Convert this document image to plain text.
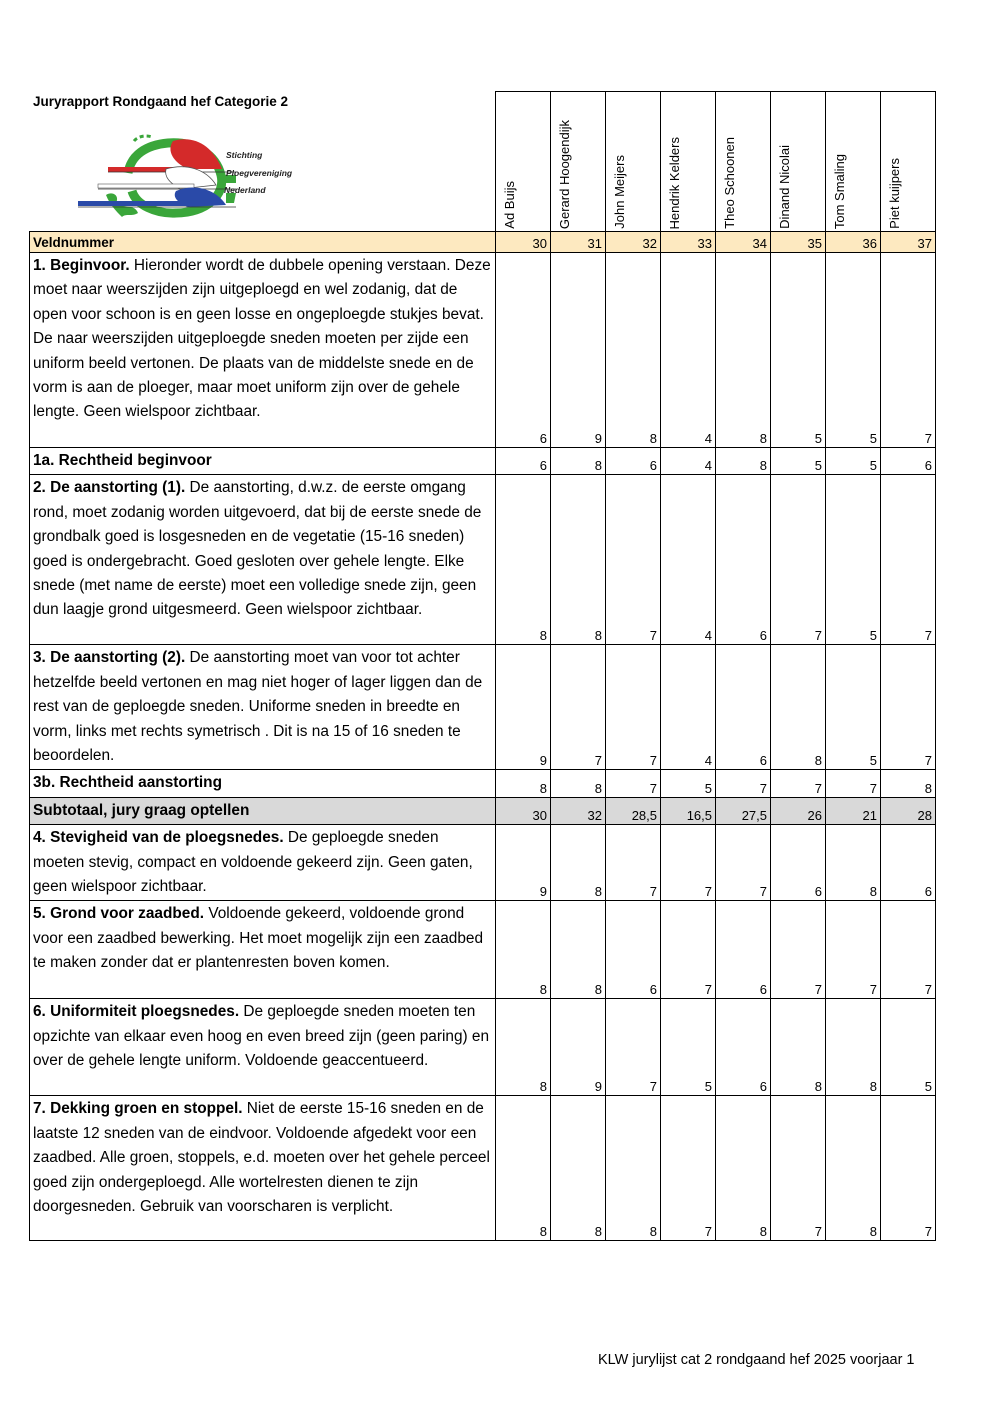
Juryrapport Rondgaand hef Categorie 2
Stichting
Ploegvereniging
Nederland

	Ad Buijs	Gerard Hoogendijk	John Meijers	Hendrik Kelders	Theo Schoonen	Dinand Nicolai	Tom Smaling	Piet kuijpers

Veldnummer	30	31	32	33	34	35	36	37
1. Beginvoor. Hieronder wordt de dubbele opening verstaan. Deze moet naar weerszijden zijn uitgeploegd en wel zodanig, dat de open voor schoon is en geen losse en ongeploegde stukjes bevat. De naar weerszijden uitgeploegde sneden moeten per zijde een uniform beeld vertonen. De plaats van de middelste snede en de vorm is aan de ploeger, maar moet uniform zijn over de gehele lengte. Geen wielspoor zichtbaar.	6	9	8	4	8	5	5	7
1a. Rechtheid beginvoor	6	8	6	4	8	5	5	6
2. De aanstorting (1). De aanstorting, d.w.z. de eerste omgang rond, moet zodanig worden uitgevoerd, dat bij de eerste snede de grondbalk goed is losgesneden en de vegetatie (15-16 sneden) goed is ondergebracht. Goed gesloten over gehele lengte. Elke snede (met name de eerste) moet een volledige snede zijn, geen dun laagje grond uitgesmeerd. Geen wielspoor zichtbaar.	8	8	7	4	6	7	5	7
3. De aanstorting (2). De aanstorting moet van voor tot achter hetzelfde beeld vertonen en mag niet hoger of lager liggen dan de rest van de geploegde sneden. Uniforme sneden in breedte en vorm, links met rechts symetrisch . Dit is na 15 of 16 sneden te beoordelen.	9	7	7	4	6	8	5	7
3b. Rechtheid aanstorting	8	8	7	5	7	7	7	8
Subtotaal, jury graag optellen	30	32	28,5	16,5	27,5	26	21	28
4. Stevigheid van de ploegsnedes. De geploegde sneden moeten stevig, compact en voldoende gekeerd zijn. Geen gaten, geen wielspoor zichtbaar.	9	8	7	7	7	6	8	6
5. Grond voor zaadbed. Voldoende gekeerd, voldoende grond voor een zaadbed bewerking. Het moet mogelijk zijn een zaadbed te maken zonder dat er plantenresten boven komen.	8	8	6	7	6	7	7	7
6. Uniformiteit ploegsnedes. De geploegde sneden moeten ten opzichte van elkaar even hoog en even breed zijn (geen paring) en over de gehele lengte uniform. Voldoende geaccentueerd.	8	9	7	5	6	8	8	5
7. Dekking groen en stoppel. Niet de eerste 15-16 sneden en de laatste 12 sneden van de eindvoor. Voldoende afgedekt voor een zaadbed. Alle groen, stoppels, e.d. moeten over het gehele perceel goed zijn ondergeploegd. Alle wortelresten dienen te zijn doorgesneden. Gebruik van voorscharen is verplicht.	8	8	8	7	8	7	8	7
KLW jurylijst cat 2 rondgaand hef 2025 voorjaar 1
